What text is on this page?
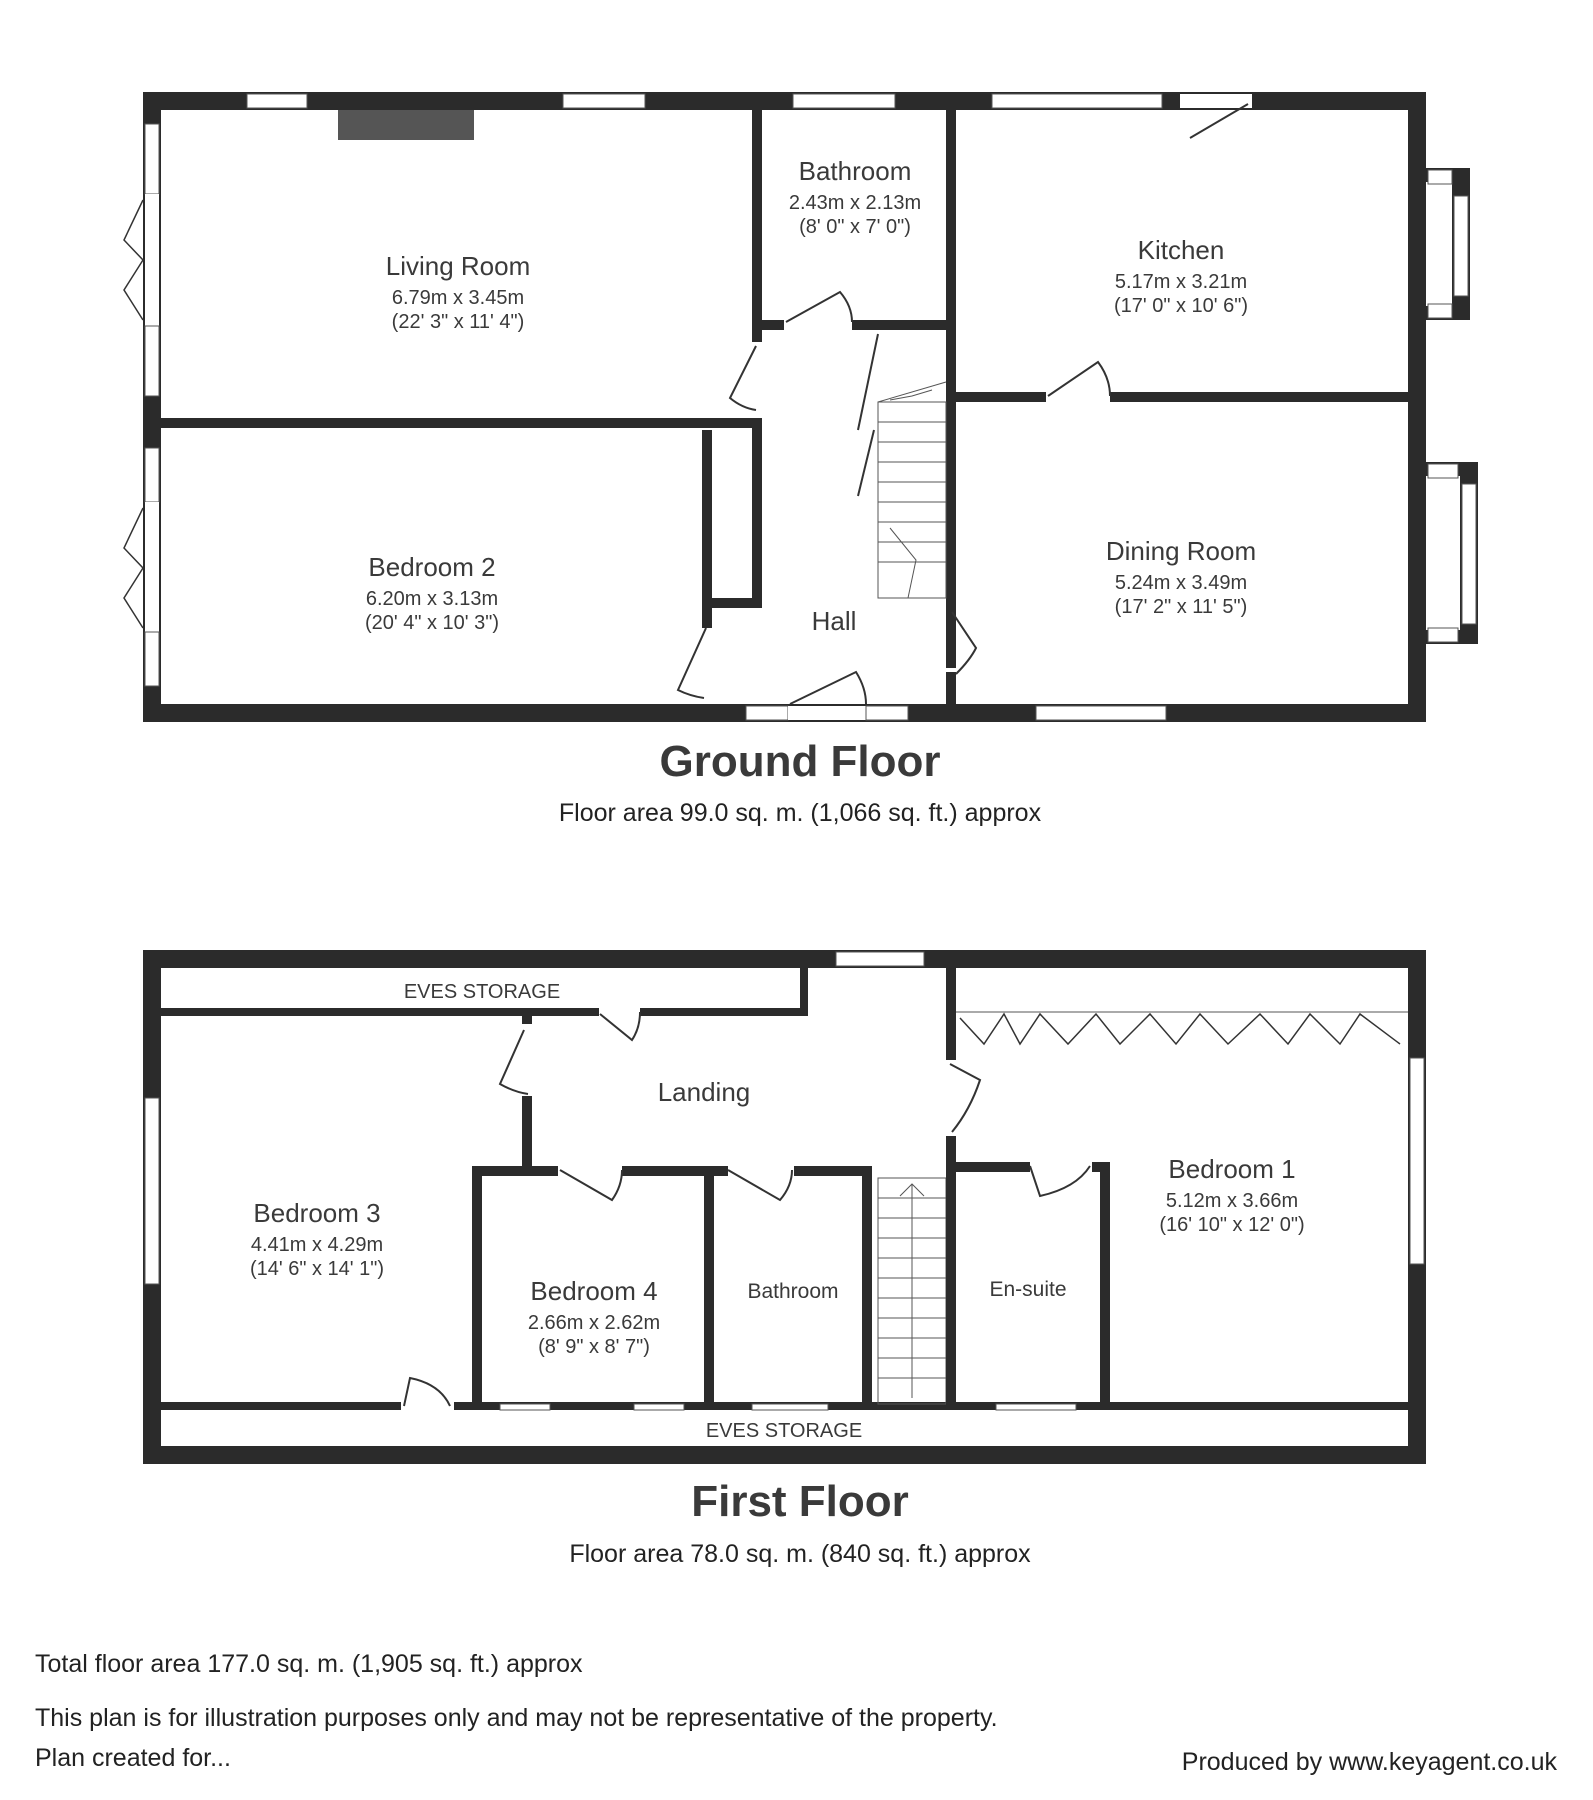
Living Room
6.79m x 3.45m
(22' 3" x 11' 4")
Bathroom
2.43m x 2.13m
(8' 0" x 7' 0")
Kitchen
5.17m x 3.21m
(17' 0" x 10' 6")
Bedroom 2
6.20m x 3.13m
(20' 4" x 10' 3")	Hall
Dining Room
5.24m x 3.49m
(17' 2" x 11' 5")
Ground Floor
Floor area 99.0 sq. m. (1,066 sq. ft.) approx
EVES STORAGE
Landing
Bedroom 3
4.41m x 4.29m
(14' 6" x 14' 1")
Bedroom 4
2.66m x 2.62m
(8' 9" x 8' 7")
Bathroom	En-suite
Bedroom 1
5.12m x 3.66m
(16' 10" x 12' 0")
EVES STORAGE
First Floor
Floor area 78.0 sq. m. (840 sq. ft.) approx
Total floor area 177.0 sq. m. (1,905 sq. ft.) approx
This plan is for illustration purposes only and may not be representative of the property.
Plan created for...	Produced by www.keyagent.co.uk
